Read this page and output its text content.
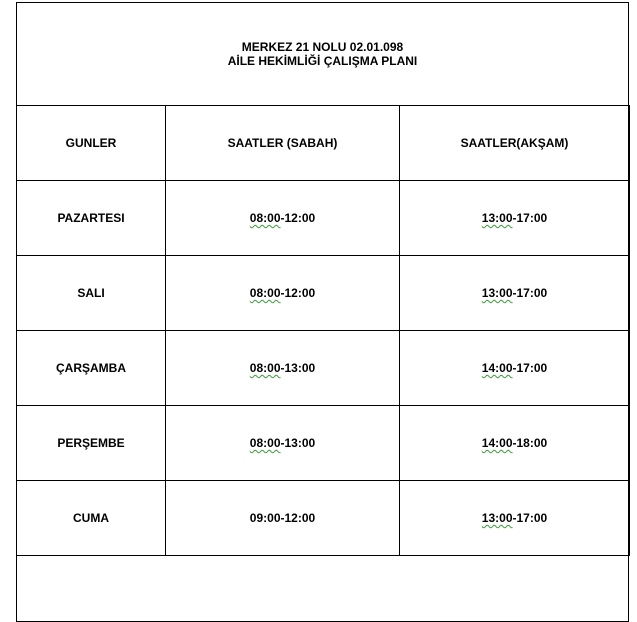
MERKEZ 21 NOLU 02.01.098
AİLE HEKİMLİĞİ ÇALIŞMA PLANI
GUNLER	SAATLER (SABAH)	SAATLER(AKŞAM)
PAZARTESI	08:00-12:00	13:00-17:00
SALI	08:00-12:00	13:00-17:00
ÇARŞAMBA	08:00-13:00	14:00-17:00
PERŞEMBE	08:00-13:00	14:00-18:00
CUMA	09:00-12:00	13:00-17:00
